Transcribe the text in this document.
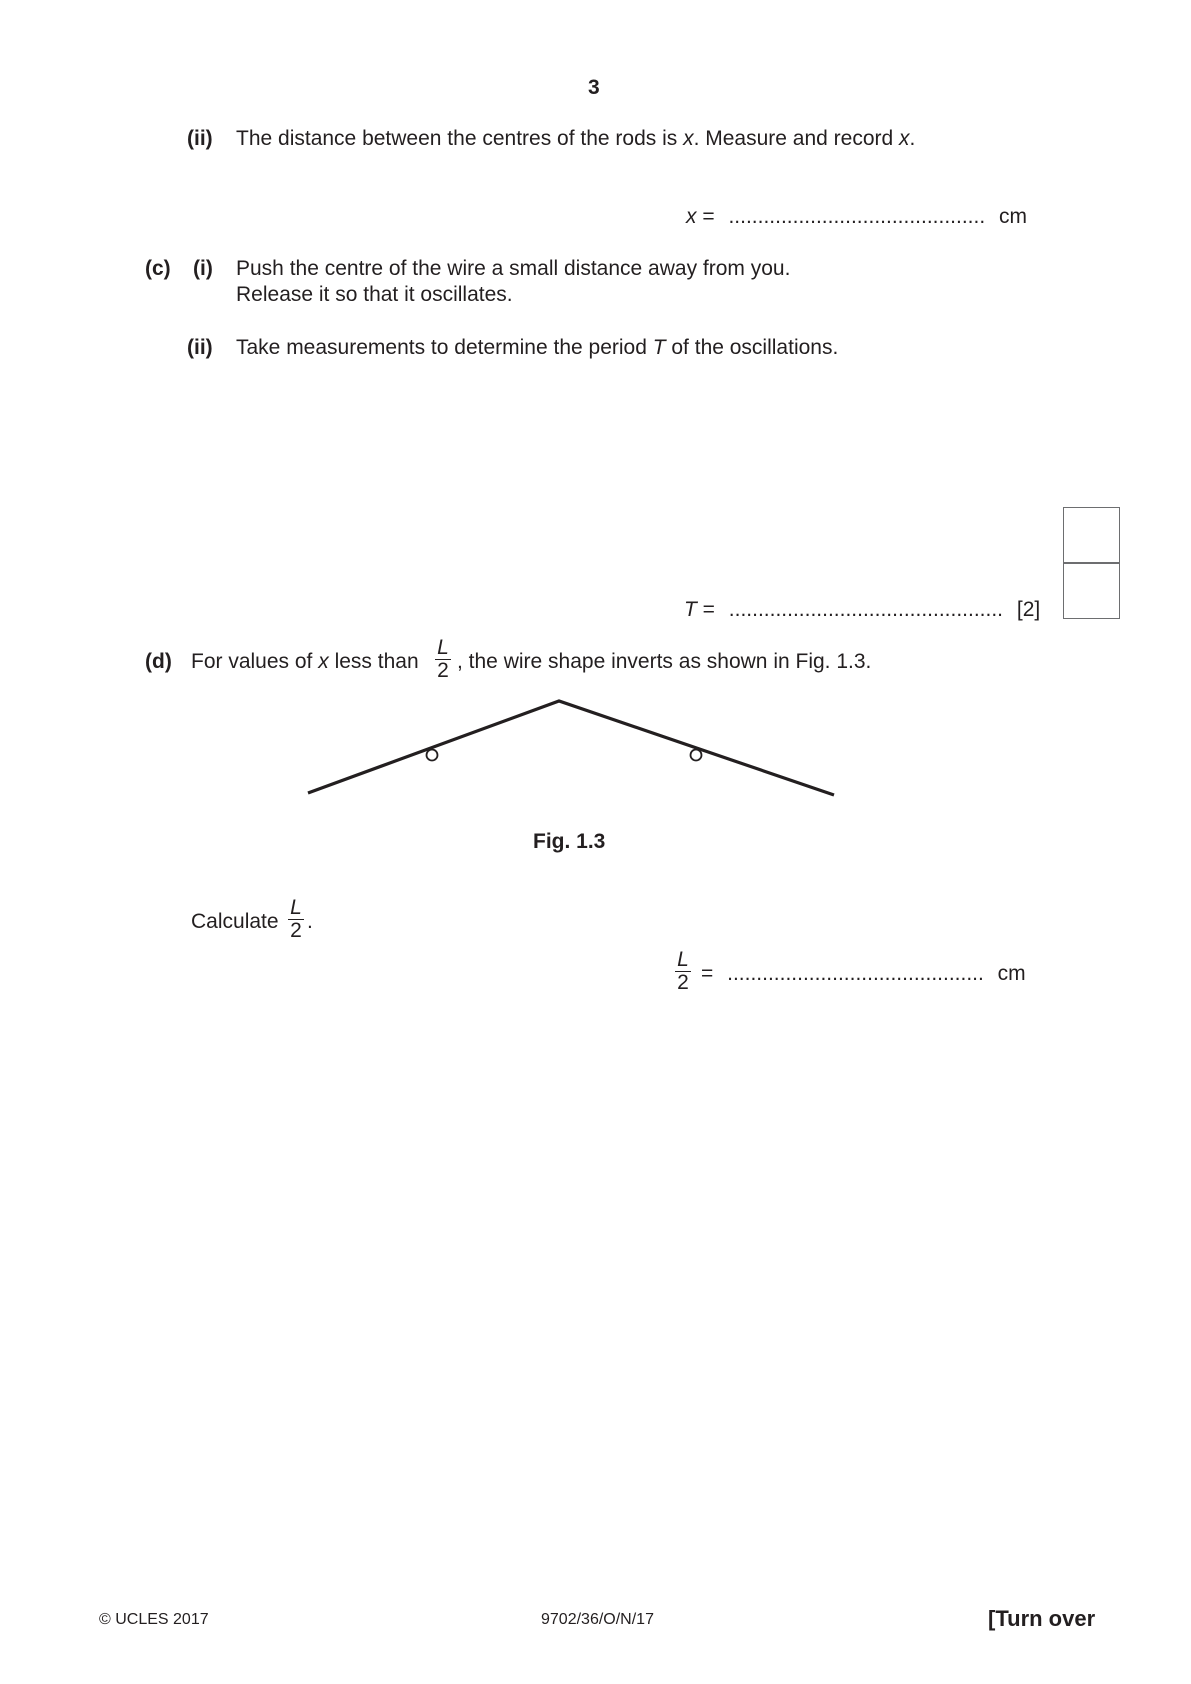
3
(ii) The distance between the centres of the rods is x. Measure and record x.
x = ............................................ cm
(c) (i) Push the centre of the wire a small distance away from you.
Release it so that it oscillates.
(ii) Take measurements to determine the period T of the oscillations.
T = ............................................... [2]
(d) For values of x less than
L
2 , the wire shape inverts as shown in Fig. 1.3.
Fig. 1.3
Calculate
L
2 .
L
2 = ............................................ cm
© UCLES 2017	9702/36/O/N/17	[Turn over
